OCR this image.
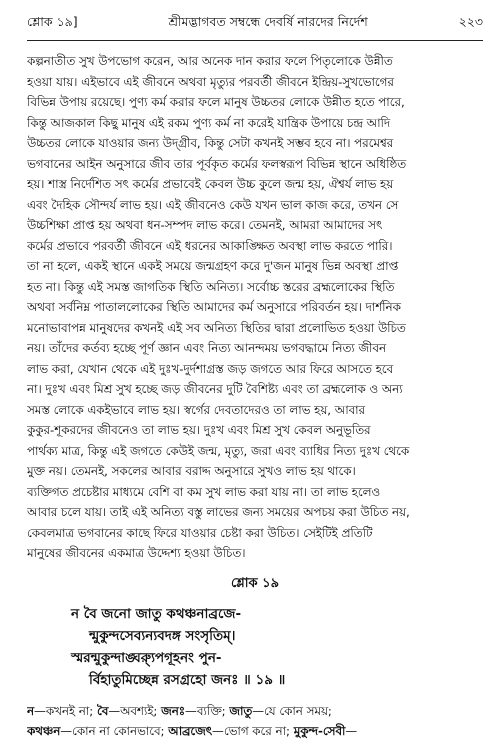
শ্লোক ১৯]	শ্রীমদ্ভাগবত সম্বন্ধে দেবর্ষি নারদের নির্দেশ	২২৩

কল্পনাতীত সুখ উপভোগ করেন, আর অনেক দান করার ফলে পিতৃলোকে উন্নীত
হওয়া যায়। এইভাবে এই জীবনে অথবা মৃত্যুর পরবর্তী জীবনে ইন্দ্রিয়-সুখভোগের
বিভিন্ন উপায় রয়েছে। পুণ্য কর্ম করার ফলে মানুষ উচ্চতর লোকে উন্নীত হতে পারে,
কিন্তু আজকাল কিছু মানুষ এই রকম পুণ্য কর্ম না করেই যান্ত্রিক উপায়ে চন্দ্র আদি
উচ্চতর লোকে যাওয়ার জন্য উদ্গ্রীব, কিন্তু সেটা কখনই সম্ভব হবে না। পরমেশ্বর
ভগবানের আইন অনুসারে জীব তার পূর্বকৃত কর্মের ফলস্বরূপ বিভিন্ন স্থানে অধিষ্ঠিত
হয়। শাস্ত্র নির্দেশিত সৎ কর্মের প্রভাবেই কেবল উচ্চ কুলে জন্ম হয়, ঐশ্বর্য লাভ হয়
এবং দৈহিক সৌন্দর্য লাভ হয়। এই জীবনেও কেউ যখন ভাল কাজ করে, তখন সে
উচ্চশিক্ষা প্রাপ্ত হয় অথবা ধন-সম্পদ লাভ করে। তেমনই, আমরা আমাদের সৎ
কর্মের প্রভাবে পরবর্তী জীবনে এই ধরনের আকাঙ্ক্ষিত অবস্থা লাভ করতে পারি।
তা না হলে, একই স্থানে একই সময়ে জন্মগ্রহণ করে দু'জন মানুষ ভিন্ন অবস্থা প্রাপ্ত
হত না। কিন্তু এই সমস্ত জাগতিক স্থিতি অনিত্য। সর্বোচ্চ স্তরের ব্রহ্মলোকের স্থিতি
অথবা সর্বনিম্ন পাতাললোকের স্থিতি আমাদের কর্ম অনুসারে পরিবর্তন হয়। দার্শনিক
মনোভাবাপন্ন মানুষদের কখনই এই সব অনিত্য স্থিতির দ্বারা প্রলোভিত হওয়া উচিত
নয়। তাঁদের কর্তব্য হচ্ছে পূর্ণ জ্ঞান এবং নিত্য আনন্দময় ভগবদ্ধামে নিত্য জীবন
লাভ করা, যেখান থেকে এই দুঃখ-দুর্দশাগ্রস্ত জড় জগতে আর ফিরে আসতে হবে
না। দুঃখ এবং মিশ্র সুখ হচ্ছে জড় জীবনের দুটি বৈশিষ্ট্য এবং তা ব্রহ্মলোক ও অন্য
সমস্ত লোকে একইভাবে লাভ হয়। স্বর্গের দেবতাদেরও তা লাভ হয়, আবার
কুকুর-শূকরদের জীবনেও তা লাভ হয়। দুঃখ এবং মিশ্র সুখ কেবল অনুভূতির
পার্থক্য মাত্র, কিন্তু এই জগতে কেউই জন্ম, মৃত্যু, জরা এবং ব্যাধির নিত্য দুঃখ থেকে
মুক্ত নয়। তেমনই, সকলের আবার বরাদ্দ অনুসারে সুখও লাভ হয় থাকে।
ব্যক্তিগত প্রচেষ্টার মাধ্যমে বেশি বা কম সুখ লাভ করা যায় না। তা লাভ হলেও
আবার চলে যায়। তাই এই অনিত্য বস্তু লাভের জন্য সময়ের অপচয় করা উচিত নয়,
কেবলমাত্র ভগবানের কাছে ফিরে যাওয়ার চেষ্টা করা উচিত। সেইটিই প্রতিটি
মানুষের জীবনের একমাত্র উদ্দেশ্য হওয়া উচিত।

শ্লোক ১৯
ন বৈ জনো জাতু কথঞ্চনাব্রজে-
ন্মুকুন্দসেব্যন্যবদঙ্গ সংসৃতিম্।
স্মরন্মুকুন্দাঙ্ঘ্র্যুপগূহনং পুন-
র্বিহাতুমিচ্ছেন্ন রসগ্রহো জনঃ ॥ ১৯ ॥
ন—কখনই না; বৈ—অবশ্যই; জনঃ—ব্যক্তি; জাতু—যে কোন সময়;
কথঞ্চন—কোন না কোনভাবে; আব্রজেৎ—ভোগ করে না; মুকুন্দ-সেবী—
